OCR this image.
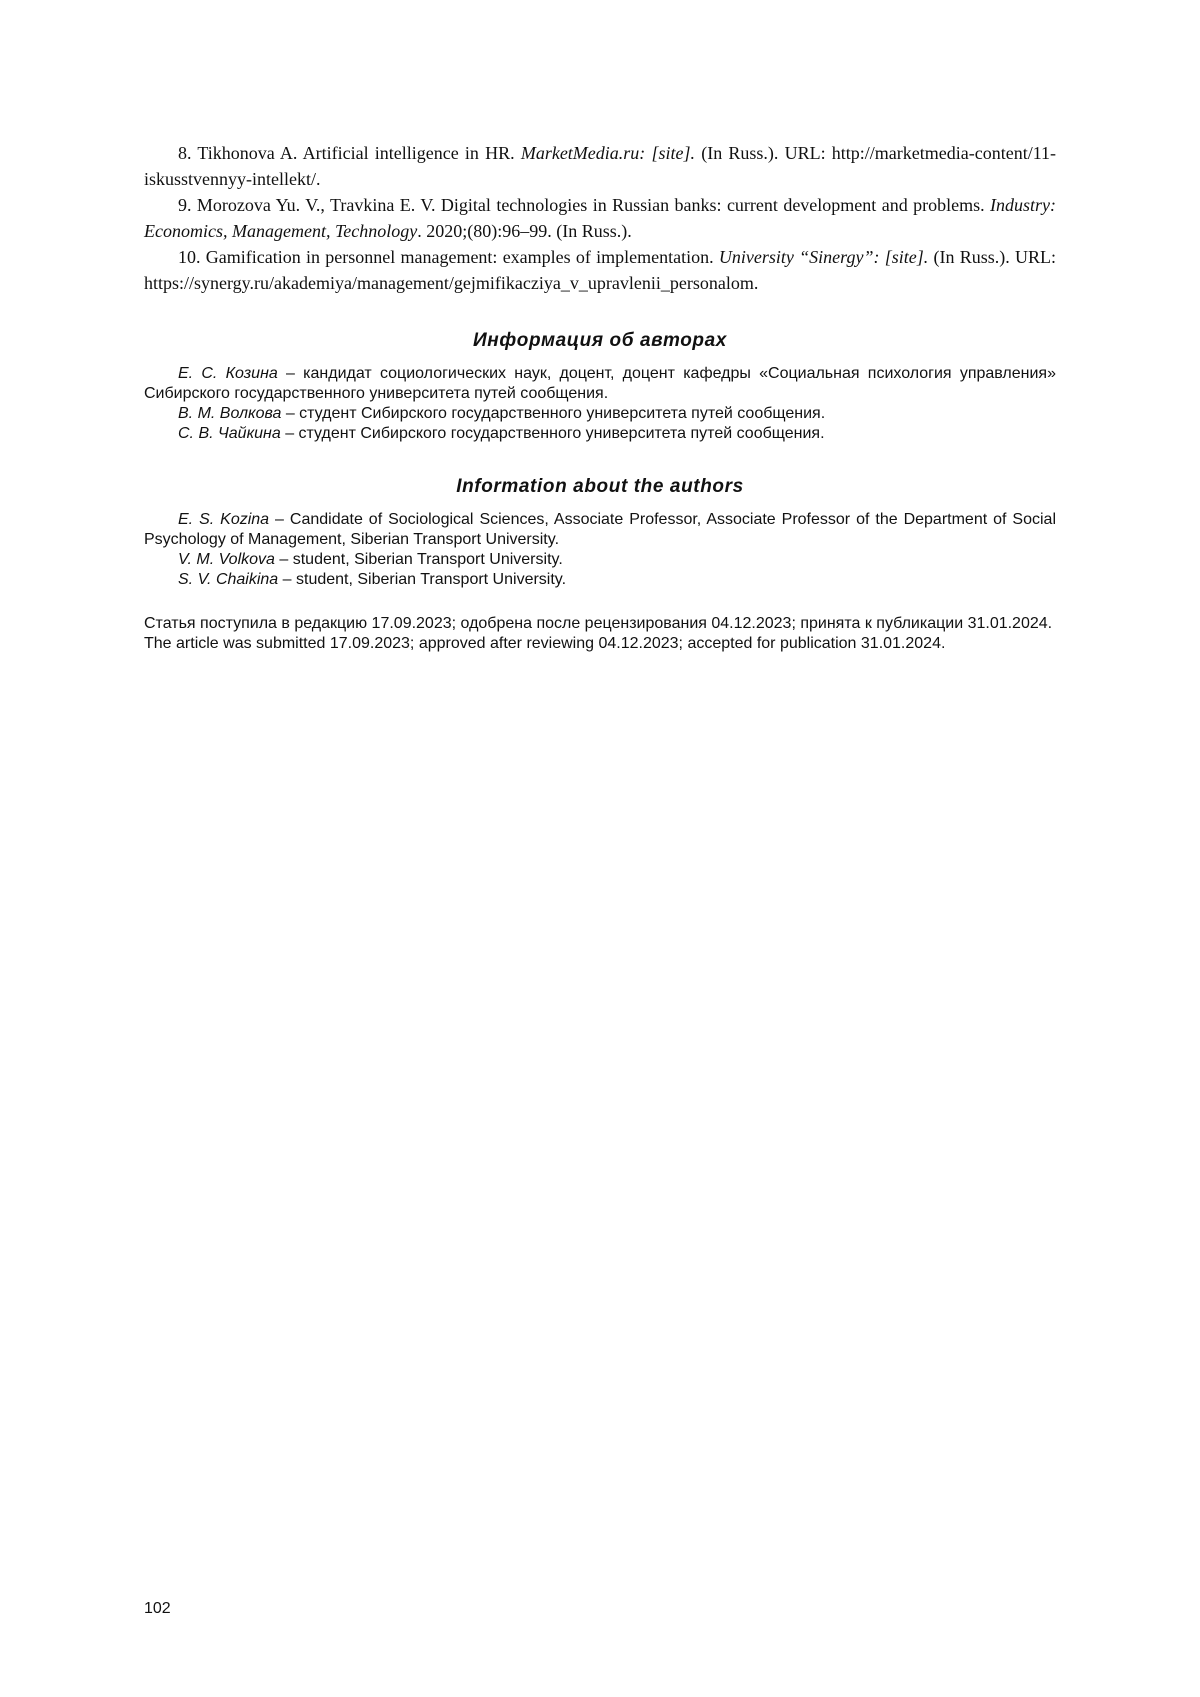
8. Tikhonova A. Artificial intelligence in HR. MarketMedia.ru: [site]. (In Russ.). URL: http://marketmedia-content/11-iskusstvennyy-intellekt/.

9. Morozova Yu. V., Travkina E. V. Digital technologies in Russian banks: current development and problems. Industry: Economics, Management, Technology. 2020;(80):96–99. (In Russ.).

10. Gamification in personnel management: examples of implementation. University “Sinergy”: [site]. (In Russ.). URL: https://synergy.ru/akademiya/management/gejmifikacziya_v_upravlenii_personalom.

Информация об авторах

Е. С. Козина – кандидат социологических наук, доцент, доцент кафедры «Социальная психология управления» Сибирского государственного университета путей сообщения.

В. М. Волкова – студент Сибирского государственного университета путей сообщения.

С. В. Чайкина – студент Сибирского государственного университета путей сообщения.

Information about the authors

E. S. Kozina – Candidate of Sociological Sciences, Associate Professor, Associate Professor of the Department of Social Psychology of Management, Siberian Transport University.

V. M. Volkova – student, Siberian Transport University.

S. V. Chaikina – student, Siberian Transport University.

Статья поступила в редакцию 17.09.2023; одобрена после рецензирования 04.12.2023; принята к публикации 31.01.2024.

The article was submitted 17.09.2023; approved after reviewing 04.12.2023; accepted for publication 31.01.2024.

102
